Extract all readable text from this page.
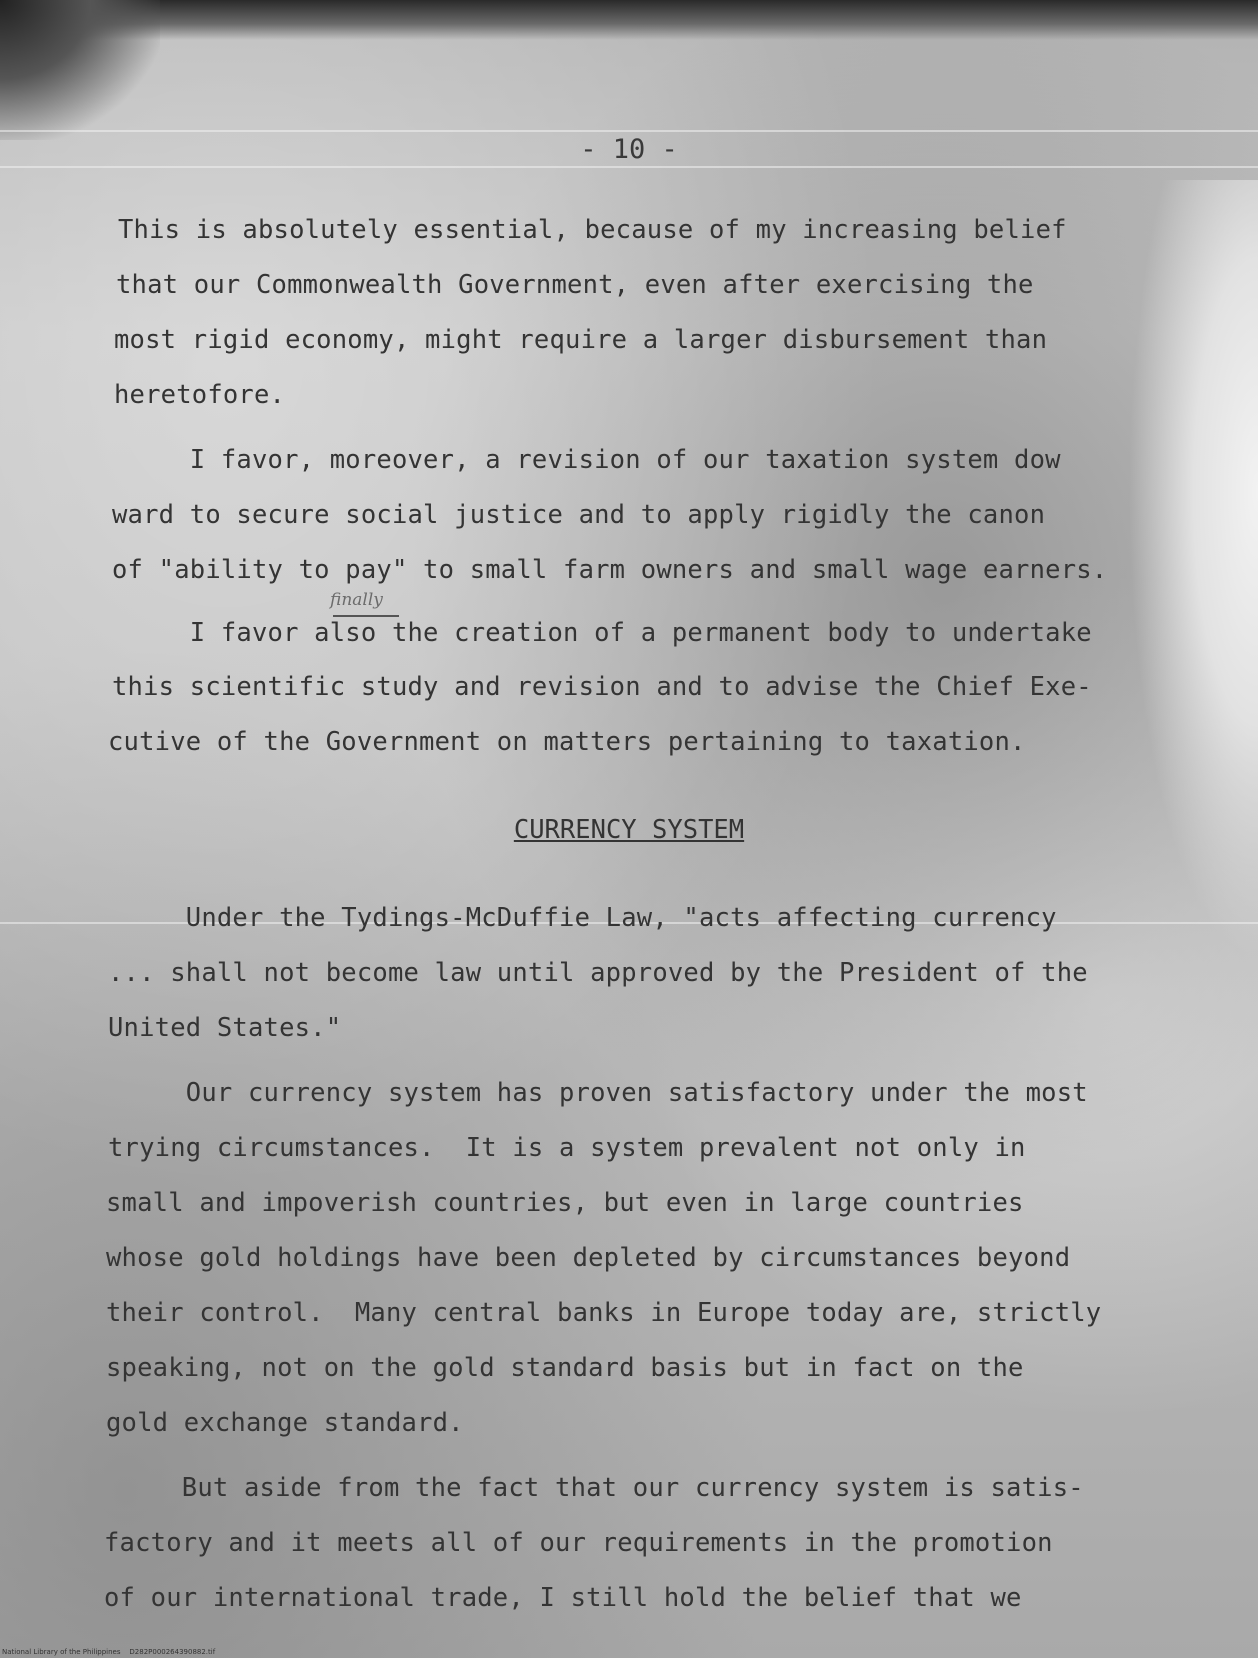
- 10 -
This is absolutely essential, because of my increasing belief
that our Commonwealth Government, even after exercising the
most rigid economy, might require a larger disbursement than
heretofore.
I favor, moreover, a revision of our taxation system dow
ward to secure social justice and to apply rigidly the canon
of "ability to pay" to small farm owners and small wage earners.
finally
I favor also the creation of a permanent body to undertake
this scientific study and revision and to advise the Chief Exe-
cutive of the Government on matters pertaining to taxation.
CURRENCY SYSTEM
Under the Tydings-McDuffie Law, "acts affecting currency
... shall not become law until approved by the President of the
United States."
Our currency system has proven satisfactory under the most
trying circumstances.  It is a system prevalent not only in
small and impoverish countries, but even in large countries
whose gold holdings have been depleted by circumstances beyond
their control.  Many central banks in Europe today are, strictly
speaking, not on the gold standard basis but in fact on the
gold exchange standard.
But aside from the fact that our currency system is satis-
factory and it meets all of our requirements in the promotion
of our international trade, I still hold the belief that we
National Library of the Philippines    D282P000264390882.tif
